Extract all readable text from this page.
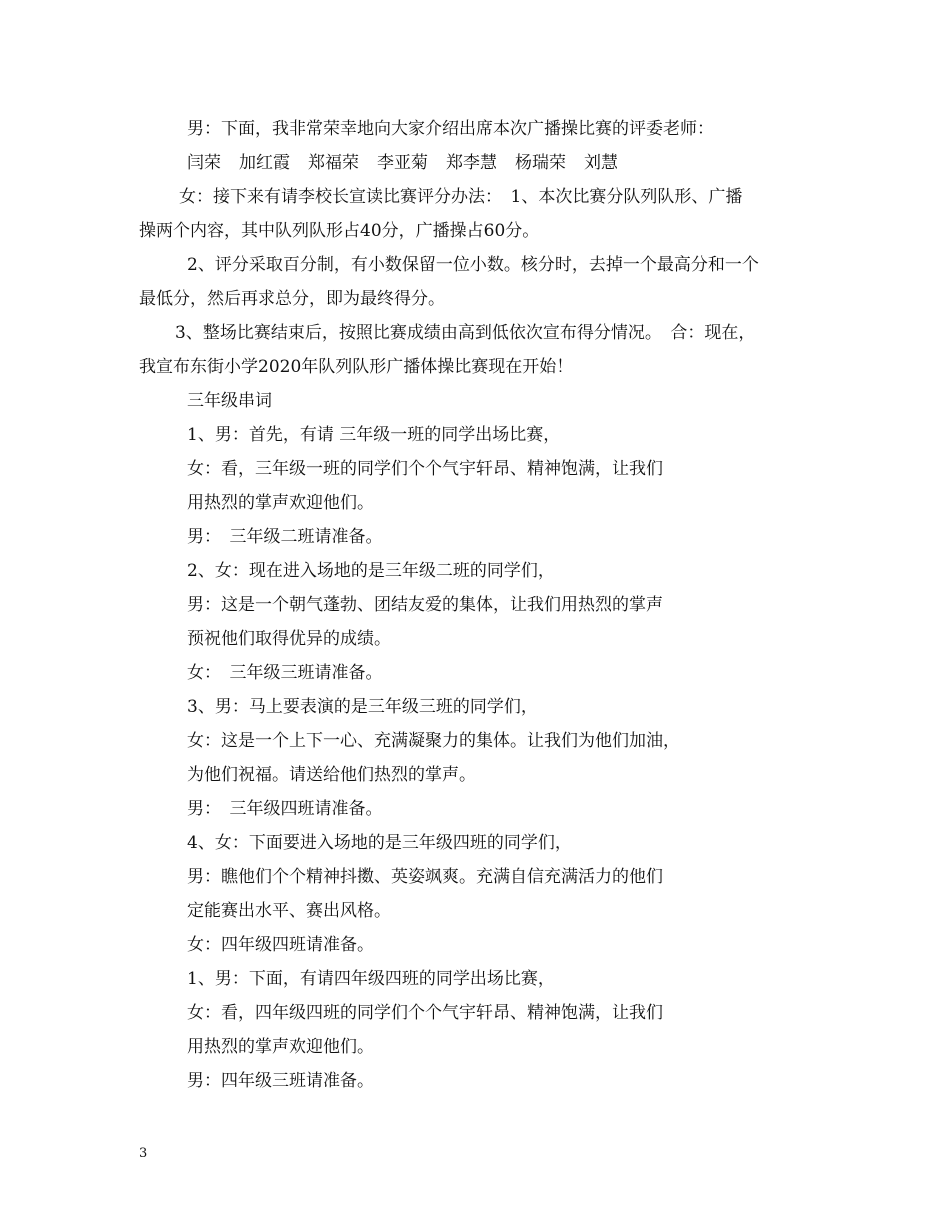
男：下面，我非常荣幸地向大家介绍出席本次广播操比赛的评委老师：
闫荣 加红霞 郑福荣 李亚菊 郑李慧 杨瑞荣 刘慧
女：接下来有请李校长宣读比赛评分办法：　1、本次比赛分队列队形、广播
操两个内容，其中队列队形占40分，广播操占60分。
2、评分采取百分制，有小数保留一位小数。核分时，去掉一个最高分和一个
最低分，然后再求总分，即为最终得分。
3、整场比赛结束后，按照比赛成绩由高到低依次宣布得分情况。　合：现在，
我宣布东街小学2020年队列队形广播体操比赛现在开始！
三年级串词
1、男：首先，有请 三年级一班的同学出场比赛，
女：看，三年级一班的同学们个个气宇轩昂、精神饱满，让我们
用热烈的掌声欢迎他们。
男：　三年级二班请准备。
2、女：现在进入场地的是三年级二班的同学们，
男：这是一个朝气蓬勃、团结友爱的集体，让我们用热烈的掌声
预祝他们取得优异的成绩。
女：　三年级三班请准备。
3、男：马上要表演的是三年级三班的同学们，
女：这是一个上下一心、充满凝聚力的集体。让我们为他们加油，
为他们祝福。请送给他们热烈的掌声。
男：　三年级四班请准备。
4、女：下面要进入场地的是三年级四班的同学们，
男：瞧他们个个精神抖擞、英姿飒爽。充满自信充满活力的他们
定能赛出水平、赛出风格。
女：四年级四班请准备。
1、男：下面，有请四年级四班的同学出场比赛，
女：看，四年级四班的同学们个个气宇轩昂、精神饱满，让我们
用热烈的掌声欢迎他们。
男：四年级三班请准备。
3
